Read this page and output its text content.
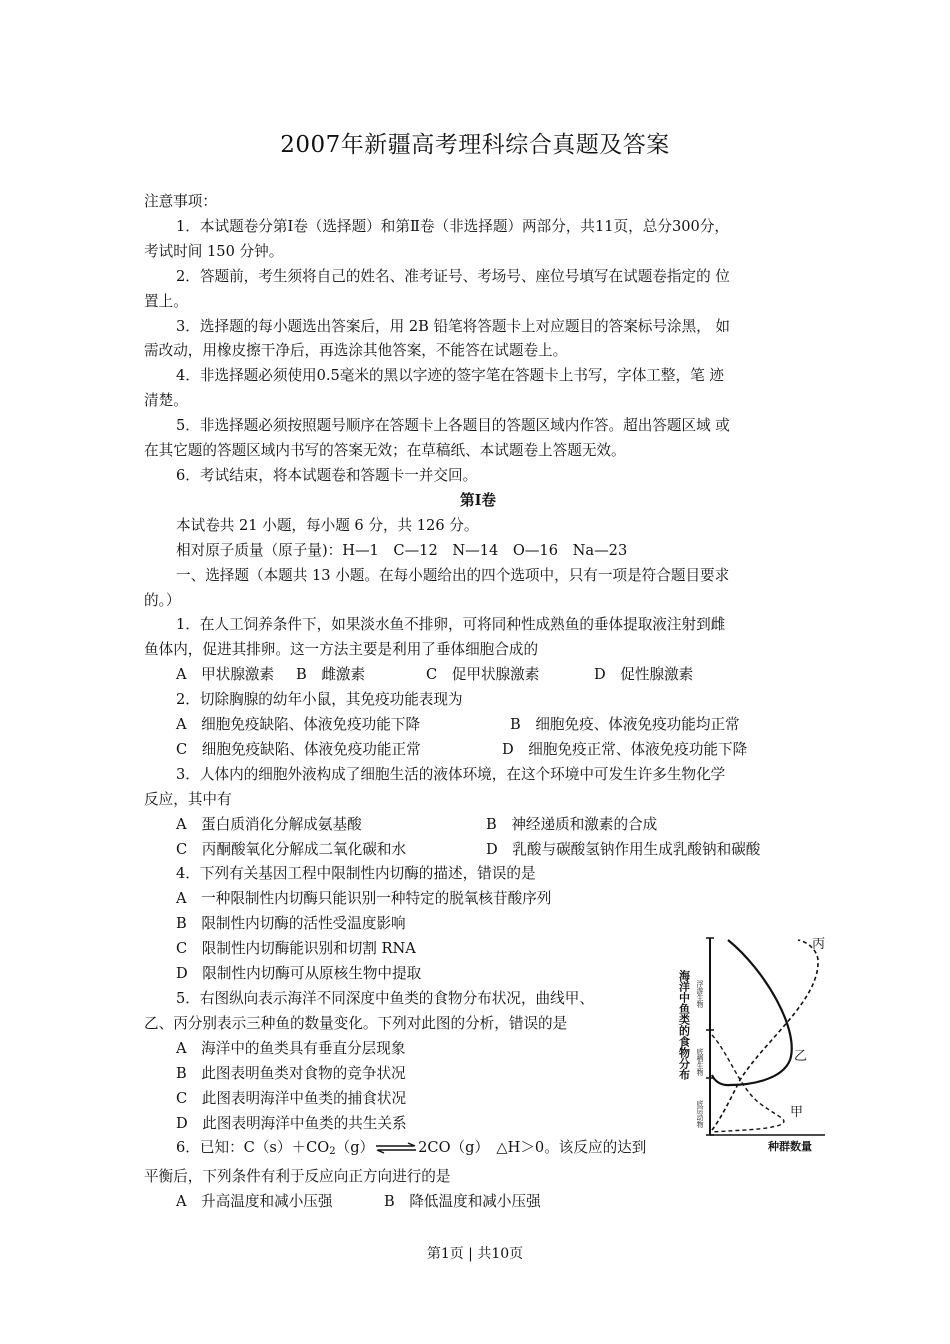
2007年新疆高考理科综合真题及答案
注意事项：
1．本试题卷分第Ⅰ卷（选择题）和第Ⅱ卷（非选择题）两部分，共11页，总分300分，
考试时间 150 分钟。
2．答题前，考生须将自己的姓名、准考证号、考场号、座位号填写在试题卷指定的 位
置上。
3．选择题的每小题选出答案后，用 2B 铅笔将答题卡上对应题目的答案标号涂黑， 如
需改动，用橡皮擦干净后，再选涂其他答案，不能答在试题卷上。
4．非选择题必须使用0.5毫米的黑以字迹的签字笔在答题卡上书写，字体工整，笔 迹
清楚。
5．非选择题必须按照题号顺序在答题卡上各题目的答题区域内作答。超出答题区域 或
在其它题的答题区域内书写的答案无效；在草稿纸、本试题卷上答题无效。
6．考试结束，将本试题卷和答题卡一并交回。
第Ⅰ卷
本试卷共 21 小题，每小题 6 分，共 126 分。
相对原子质量（原子量)：H—1　C—12　N—14　O—16　Na—23
一、选择题（本题共 13 小题。在每小题给出的四个选项中，只有一项是符合题目要求
的。）
1．在人工饲养条件下，如果淡水鱼不排卵，可将同种性成熟鱼的垂体提取液注射到雌
鱼体内，促进其排卵。这一方法主要是利用了垂体细胞合成的
A　甲状腺激素 B　雌激素	C　促甲状腺激素	D　促性腺激素
2．切除胸腺的幼年小鼠，其免疫功能表现为
A　细胞免疫缺陷、体液免疫功能下降	B　细胞免疫、体液免疫功能均正常
C　细胞免疫缺陷、体液免疫功能正常	D　细胞免疫正常、体液免疫功能下降
3．人体内的细胞外液构成了细胞生活的液体环境，在这个环境中可发生许多生物化学
反应，其中有
A　蛋白质消化分解成氨基酸	B　神经递质和激素的合成
C　丙酮酸氧化分解成二氧化碳和水	D　乳酸与碳酸氢钠作用生成乳酸钠和碳酸
4．下列有关基因工程中限制性内切酶的描述，错误的是
A　一种限制性内切酶只能识别一种特定的脱氧核苷酸序列
B　限制性内切酶的活性受温度影响
C　限制性内切酶能识别和切割 RNA
D　限制性内切酶可从原核生物中提取
5．右图纵向表示海洋不同深度中鱼类的食物分布状况，曲线甲、
乙、丙分别表示三种鱼的数量变化。下列对此图的分析，错误的是
A　海洋中的鱼类具有垂直分层现象
B　此图表明鱼类对食物的竞争状况
C　此图表明海洋中鱼类的捕食状况
D　此图表明海洋中鱼类的共生关系
6．已知：$C(s)+CO_2(g)\rightleftharpoons 2CO(g)$　△H＞0。该反应的达到
平衡后，下列条件有利于反应向正方向进行的是
A　升高温度和减小压强	B　降低温度和减小压强
海洋中鱼类的食物分布 浮游生物
底栖生物
底层动物
丙
乙
甲
种群数量
第1页 | 共10页
